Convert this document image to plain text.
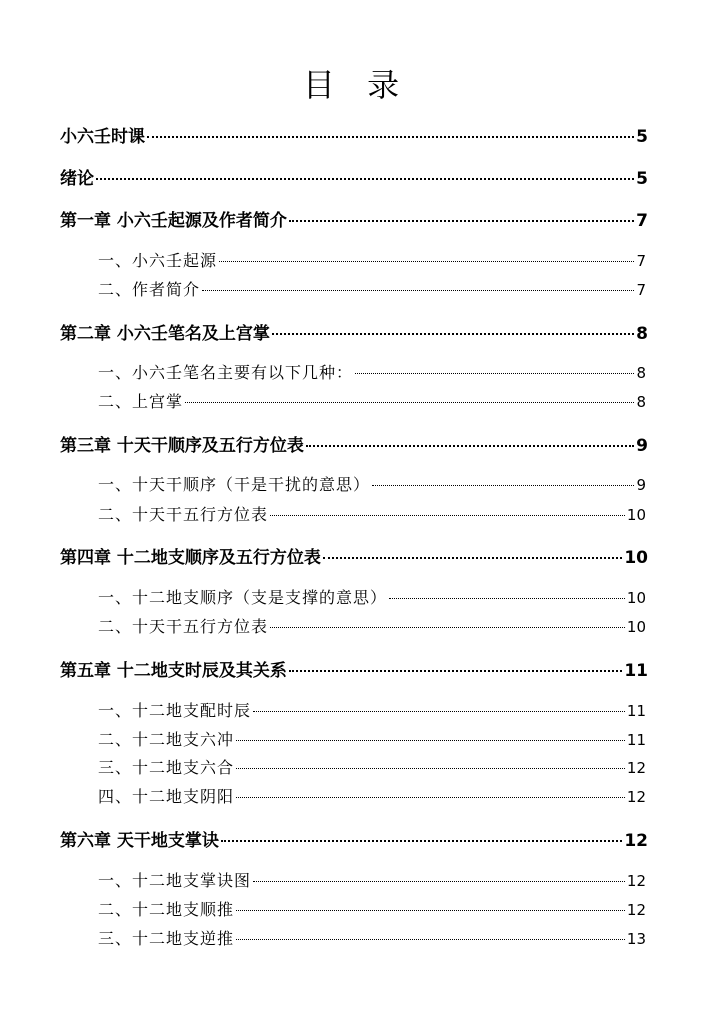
目  录
小六壬时课	5
绪论	5
第一章 小六壬起源及作者简介	7
一、小六壬起源	7
二、作者简介	7
第二章 小六壬笔名及上宫掌	8
一、小六壬笔名主要有以下几种：	8
二、上宫掌	8
第三章 十天干顺序及五行方位表	9
一、十天干顺序（干是干扰的意思）	9
二、十天干五行方位表	10
第四章 十二地支顺序及五行方位表	10
一、十二地支顺序（支是支撑的意思）	10
二、十天干五行方位表	10
第五章 十二地支时辰及其关系	11
一、十二地支配时辰	11
二、十二地支六冲	11
三、十二地支六合	12
四、十二地支阴阳	12
第六章 天干地支掌诀	12
一、十二地支掌诀图	12
二、十二地支顺推	12
三、十二地支逆推	13
